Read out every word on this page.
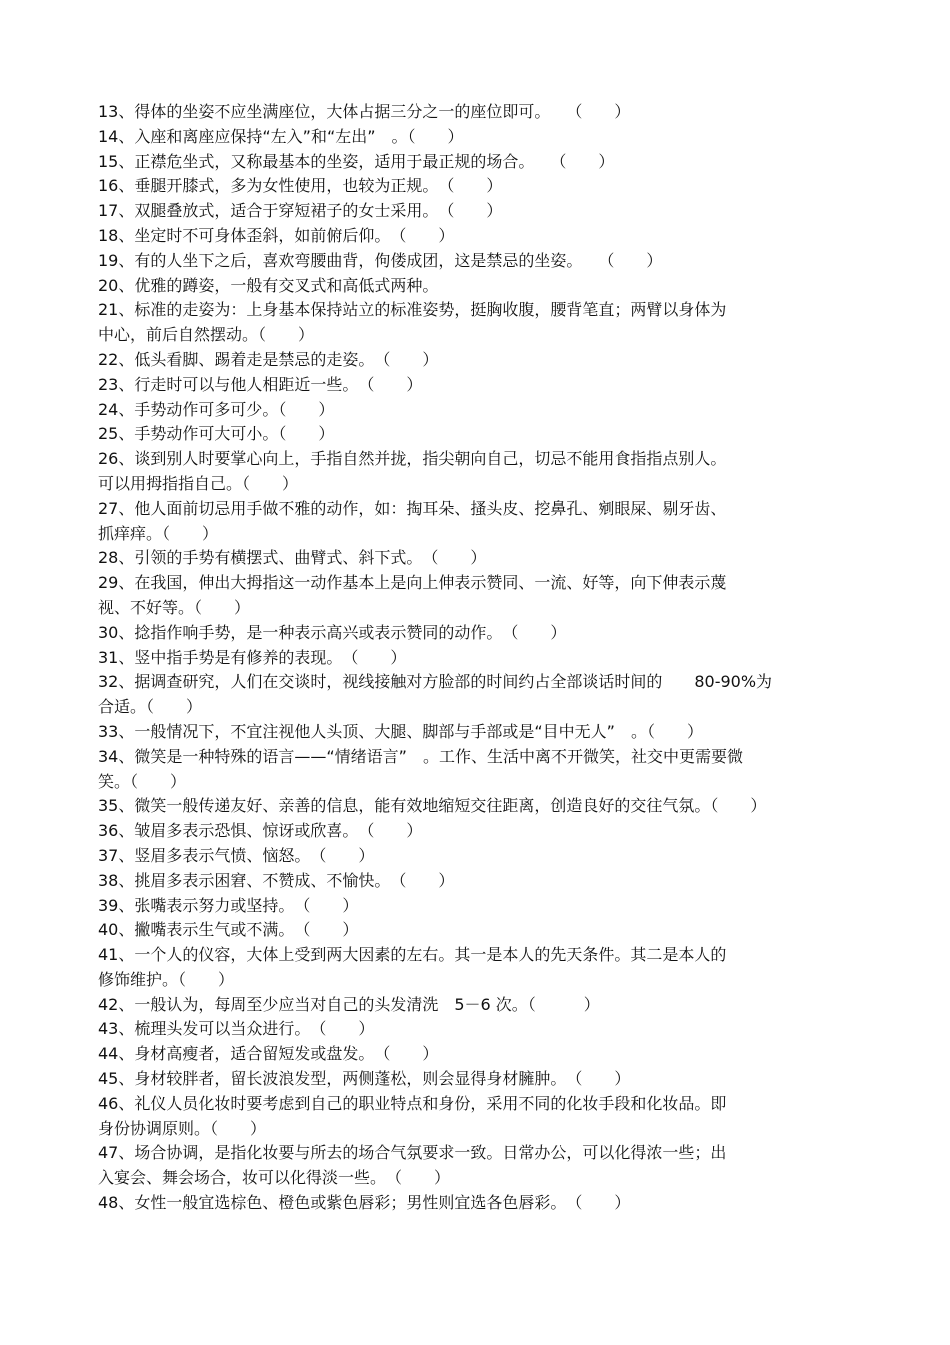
13、得体的坐姿不应坐满座位，大体占据三分之一的座位即可。　　（　　）
14、入座和离座应保持“左入”和“左出”　。（　　）
15、正襟危坐式，又称最基本的坐姿，适用于最正规的场合。　　（　　）
16、垂腿开膝式，多为女性使用，也较为正规。　（　　）
17、双腿叠放式，适合于穿短裙子的女士采用。　（　　）
18、坐定时不可身体歪斜，如前俯后仰。　（　　）
19、有的人坐下之后，喜欢弯腰曲背，佝偻成团，这是禁忌的坐姿。　　（　　）
20、优雅的蹲姿，一般有交叉式和高低式两种。
21、标准的走姿为：上身基本保持站立的标准姿势，挺胸收腹，腰背笔直；两臂以身体为
中心，前后自然摆动。（　　）
22、低头看脚、踢着走是禁忌的走姿。　（　　）
23、行走时可以与他人相距近一些。　（　　）
24、手势动作可多可少。（　　）
25、手势动作可大可小。（　　）
26、谈到别人时要掌心向上，手指自然并拢，指尖朝向自己，切忌不能用食指指点别人。
可以用拇指指自己。（　　）
27、他人面前切忌用手做不雅的动作，如：掏耳朵、搔头皮、挖鼻孔、剜眼屎、剔牙齿、
抓痒痒。（　　）
28、引领的手势有横摆式、曲臂式、斜下式。　（　　）
29、在我国，伸出大拇指这一动作基本上是向上伸表示赞同、一流、好等，向下伸表示蔑
视、不好等。（　　）
30、捻指作响手势，是一种表示高兴或表示赞同的动作。　（　　）
31、竖中指手势是有修养的表现。　（　　）
32、据调查研究，人们在交谈时，视线接触对方脸部的时间约占全部谈话时间的　　80-90%为
合适。（　　）
33、一般情况下，不宜注视他人头顶、大腿、脚部与手部或是“目中无人”　。（　　）
34、微笑是一种特殊的语言——“情绪语言”　。工作、生活中离不开微笑，社交中更需要微
笑。（　　）
35、微笑一般传递友好、亲善的信息，能有效地缩短交往距离，创造良好的交往气氛。（　　）
36、皱眉多表示恐惧、惊讶或欣喜。　（　　）
37、竖眉多表示气愤、恼怒。　（　　）
38、挑眉多表示困窘、不赞成、不愉快。　（　　）
39、张嘴表示努力或坚持。　（　　）
40、撇嘴表示生气或不满。　（　　）
41、一个人的仪容，大体上受到两大因素的左右。其一是本人的先天条件。其二是本人的
修饰维护。（　　）
42、一般认为，每周至少应当对自己的头发清洗　5－6 次。（　　　）
43、梳理头发可以当众进行。　（　　）
44、身材高瘦者，适合留短发或盘发。　（　　）
45、身材较胖者，留长波浪发型，两侧蓬松，则会显得身材臃肿。　（　　）
46、礼仪人员化妆时要考虑到自己的职业特点和身份，采用不同的化妆手段和化妆品。即
身份协调原则。（　　）
47、场合协调，是指化妆要与所去的场合气氛要求一致。日常办公，可以化得浓一些；出
入宴会、舞会场合，妆可以化得淡一些。　（　　）
48、女性一般宜选棕色、橙色或紫色唇彩；男性则宜选各色唇彩。　（　　）
